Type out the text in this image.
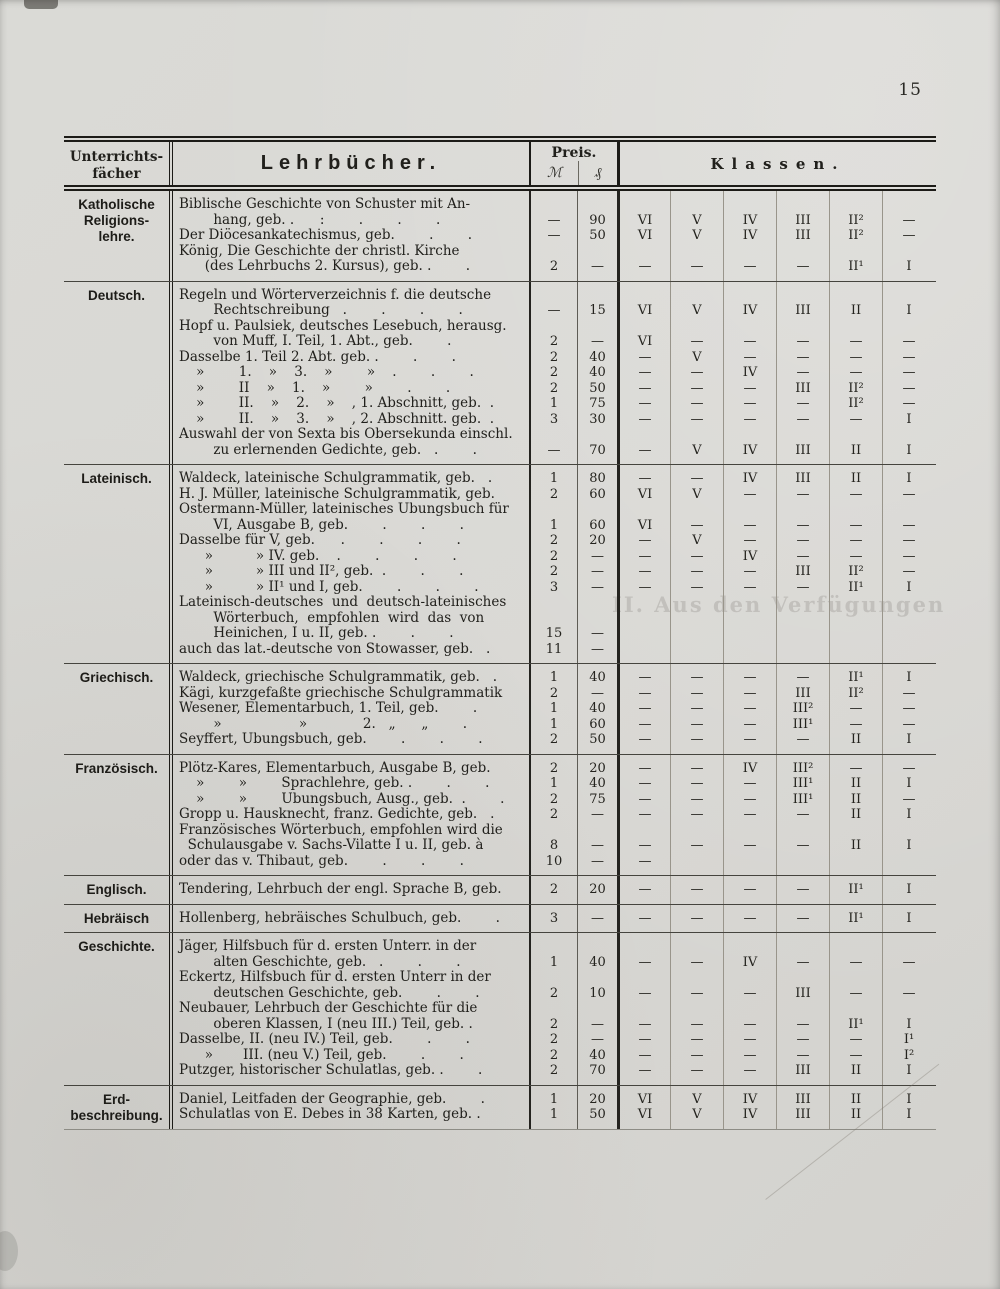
15
II. Aus den Verfügungen
Unterrichts-
fächer	Lehrbücher.	Preis.
ℳ	₰	Klassen.
Katholische
Religions-
lehre.
Biblische Geschichte von Schuster mit An-
hang, geb. .      :        .        .        .	—	90	VI	V	IV	III	II²	—
Der Diöcesankatechismus, geb.        .        .	—	50	VI	V	IV	III	II²	—
König, Die Geschichte der christl. Kirche
(des Lehrbuchs 2. Kursus), geb. .        .	2	—	—	—	—	—	II¹	I
Deutsch.	Regeln und Wörterverzeichnis f. die deutsche
Rechtschreibung   .        .        .        .	—	15	VI	V	IV	III	II	I
Hopf u. Paulsiek, deutsches Lesebuch, herausg.
von Muff, I. Teil, 1. Abt., geb.        .	2	—	VI	—	—	—	—	—
Dasselbe 1. Teil 2. Abt. geb. .        .        .	2	40	—	V	—	—	—	—
»        1.    »    3.    »        »    .        .        .	2	40	—	—	IV	—	—	—
»        II    »    1.    »        »        .        .	2	50	—	—	—	III	II²	—
»        II.    »    2.    »    , 1. Abschnitt, geb.  .	1	75	—	—	—	—	II²	—
»        II.    »    3.    »    , 2. Abschnitt. geb.  .	3	30	—	—	—	—	—	I
Auswahl der von Sexta bis Obersekunda einschl.
zu erlernenden Gedichte, geb.   .        .	—	70	—	V	IV	III	II	I
Lateinisch.	Waldeck, lateinische Schulgrammatik, geb.   .	1	80	—	—	IV	III	II	I
H. J. Müller, lateinische Schulgrammatik, geb.	2	60	VI	V	—	—	—	—
Ostermann-Müller, lateinisches Übungsbuch für
VI, Ausgabe B, geb.        .        .        .	1	60	VI	—	—	—	—	—
Dasselbe für V, geb.      .        .        .        .	2	20	—	V	—	—	—	—
»          » IV. geb.    .        .        .        .	2	—	—	—	IV	—	—	—
»          » III und II², geb.  .        .        .	2	—	—	—	—	III	II²	—
»          » II¹ und I, geb.        .        .        .	3	—	—	—	—	—	II¹	I
Lateinisch-deutsches  und  deutsch-lateinisches
Wörterbuch,  empfohlen  wird  das  von
Heinichen, I u. II, geb. .        .        .	15	—
auch das lat.-deutsche von Stowasser, geb.   .	11	—
Griechisch.	Waldeck, griechische Schulgrammatik, geb.   .	1	40	—	—	—	—	II¹	I
Kägi, kurzgefaßte griechische Schulgrammatik	2	—	—	—	—	III	II²	—
Wesener, Elementarbuch, 1. Teil, geb.        .	1	40	—	—	—	III²	—	—
»                  »             2.   „      „        .	1	60	—	—	—	III¹	—	—
Seyffert, Übungsbuch, geb.        .        .        .	2	50	—	—	—	—	II	I
Französisch.	Plötz-Kares, Elementarbuch, Ausgabe B, geb.	2	20	—	—	IV	III²	—	—
»        »        Sprachlehre, geb. .        .        .	1	40	—	—	—	III¹	II	I
»        »        Übungsbuch, Ausg., geb.  .        .	2	75	—	—	—	III¹	II	—
Gropp u. Hausknecht, franz. Gedichte, geb.   .	2	—	—	—	—	—	II	I
Französisches Wörterbuch, empfohlen wird die
Schulausgabe v. Sachs-Vilatte I u. II, geb. à	8	—	—	—	—	—	II	I
oder das v. Thibaut, geb.        .        .        .	10	—	—
Englisch.	Tendering, Lehrbuch der engl. Sprache B, geb.	2	20	—	—	—	—	II¹	I
Hebräisch	Hollenberg, hebräisches Schulbuch, geb.        .	3	—	—	—	—	—	II¹	I
Geschichte.	Jäger, Hilfsbuch für d. ersten Unterr. in der
alten Geschichte, geb.   .        .        .	1	40	—	—	IV	—	—	—
Eckertz, Hilfsbuch für d. ersten Unterr in der
deutschen Geschichte, geb.        .        .	2	10	—	—	—	III	—	—
Neubauer, Lehrbuch der Geschichte für die
oberen Klassen, I (neu III.) Teil, geb. .	2	—	—	—	—	—	II¹	I
Dasselbe, II. (neu IV.) Teil, geb.        .        .	2	—	—	—	—	—	—	I¹
»       III. (neu V.) Teil, geb.        .        .	2	40	—	—	—	—	—	I²
Putzger, historischer Schulatlas, geb. .        .	2	70	—	—	—	III	II	I
Erd-
beschreibung.
Daniel, Leitfaden der Geographie, geb.        .	1	20	VI	V	IV	III	II	I
Schulatlas von E. Debes in 38 Karten, geb. .	1	50	VI	V	IV	III	II	I
